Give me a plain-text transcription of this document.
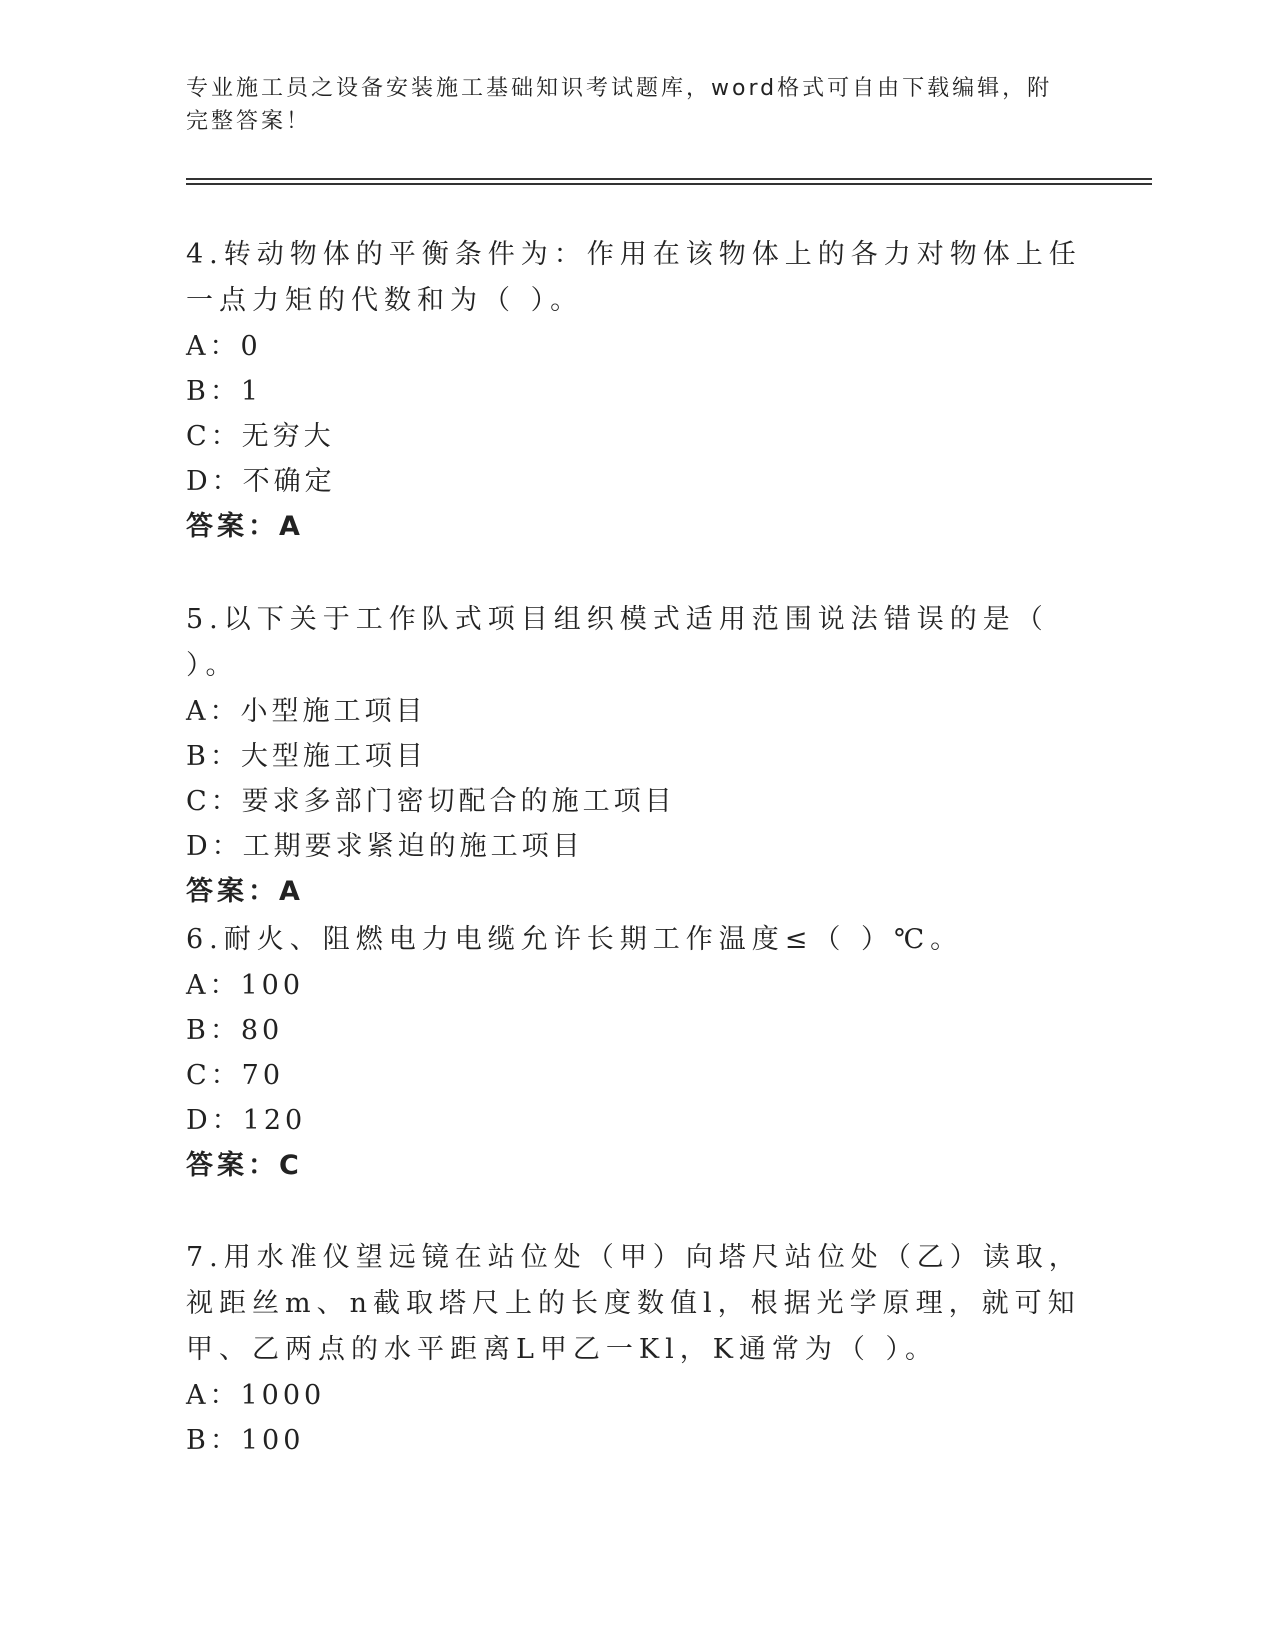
专业施工员之设备安装施工基础知识考试题库，word格式可自由下载编辑，附完整答案！
4.转动物体的平衡条件为：作用在该物体上的各力对物体上任一点力矩的代数和为（ ）。
A：0
B：1
C：无穷大
D：不确定
答案：A
5.以下关于工作队式项目组织模式适用范围说法错误的是（ ）。
A：小型施工项目
B：大型施工项目
C：要求多部门密切配合的施工项目
D：工期要求紧迫的施工项目
答案：A
6.耐火、阻燃电力电缆允许长期工作温度≤（ ）℃。
A：100
B：80
C：70
D：120
答案：C
7.用水准仪望远镜在站位处（甲）向塔尺站位处（乙）读取，视距丝m、n截取塔尺上的长度数值l，根据光学原理，就可知甲、乙两点的水平距离L甲乙一Kl，K通常为（ ）。
A：1000
B：100
